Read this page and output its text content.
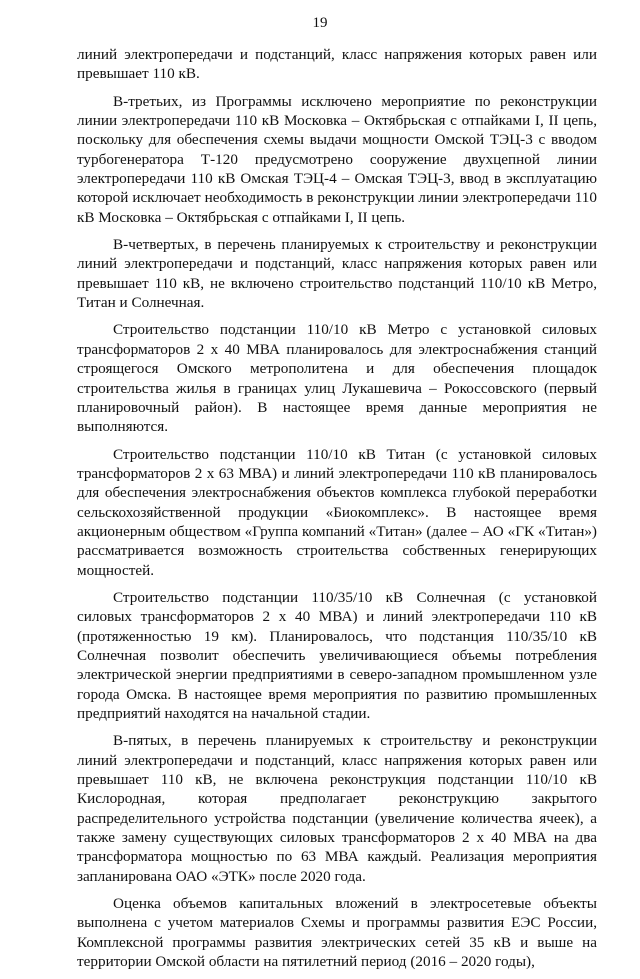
19

линий электропередачи и подстанций, класс напряжения которых равен или превышает 110 кВ.

В-третьих, из Программы исключено мероприятие по реконструкции линии электропередачи 110 кВ Московка – Октябрьская с отпайками I, II цепь, поскольку для обеспечения схемы выдачи мощности Омской ТЭЦ-3 с вводом турбогенератора Т-120 предусмотрено сооружение двухцепной линии электропередачи 110 кВ Омская ТЭЦ-4 – Омская ТЭЦ-3, ввод в эксплуатацию которой исключает необходимость в реконструкции линии электропередачи 110 кВ Московка – Октябрьская с отпайками I, II цепь.

В-четвертых, в перечень планируемых к строительству и реконструкции линий электропередачи и подстанций, класс напряжения которых равен или превышает 110 кВ, не включено строительство подстанций 110/10 кВ Метро, Титан и Солнечная.

Строительство подстанции 110/10 кВ Метро с установкой силовых трансформаторов 2 х 40 МВА планировалось для электроснабжения станций строящегося Омского метрополитена и для обеспечения площадок строительства жилья в границах улиц Лукашевича – Рокоссовского (первый планировочный район). В настоящее время данные мероприятия не выполняются.

Строительство подстанции 110/10 кВ Титан (с установкой силовых трансформаторов 2 х 63 МВА) и линий электропередачи 110 кВ планировалось для обеспечения электроснабжения объектов комплекса глубокой переработки сельскохозяйственной продукции «Биокомплекс». В настоящее время акционерным обществом «Группа компаний «Титан» (далее – АО «ГК «Титан») рассматривается возможность строительства собственных генерирующих мощностей.

Строительство подстанции 110/35/10 кВ Солнечная (с установкой силовых трансформаторов 2 х 40 МВА) и линий электропередачи 110 кВ (протяженностью 19 км). Планировалось, что подстанция 110/35/10 кВ Солнечная позволит обеспечить увеличивающиеся объемы потребления электрической энергии предприятиями в северо-западном промышленном узле города Омска. В настоящее время мероприятия по развитию промышленных предприятий находятся на начальной стадии.

В-пятых, в перечень планируемых к строительству и реконструкции линий электропередачи и подстанций, класс напряжения которых равен или превышает 110 кВ, не включена реконструкция подстанции 110/10 кВ Кислородная, которая предполагает реконструкцию закрытого распределительного устройства подстанции (увеличение количества ячеек), а также замену существующих силовых трансформаторов 2 х 40 МВА на два трансформатора мощностью по 63 МВА каждый. Реализация мероприятия запланирована ОАО «ЭТК» после 2020 года.

Оценка объемов капитальных вложений в электросетевые объекты выполнена с учетом материалов Схемы и программы развития ЕЭС России, Комплексной программы развития электрических сетей 35 кВ и выше на территории Омской области на пятилетний период (2016 – 2020 годы),
